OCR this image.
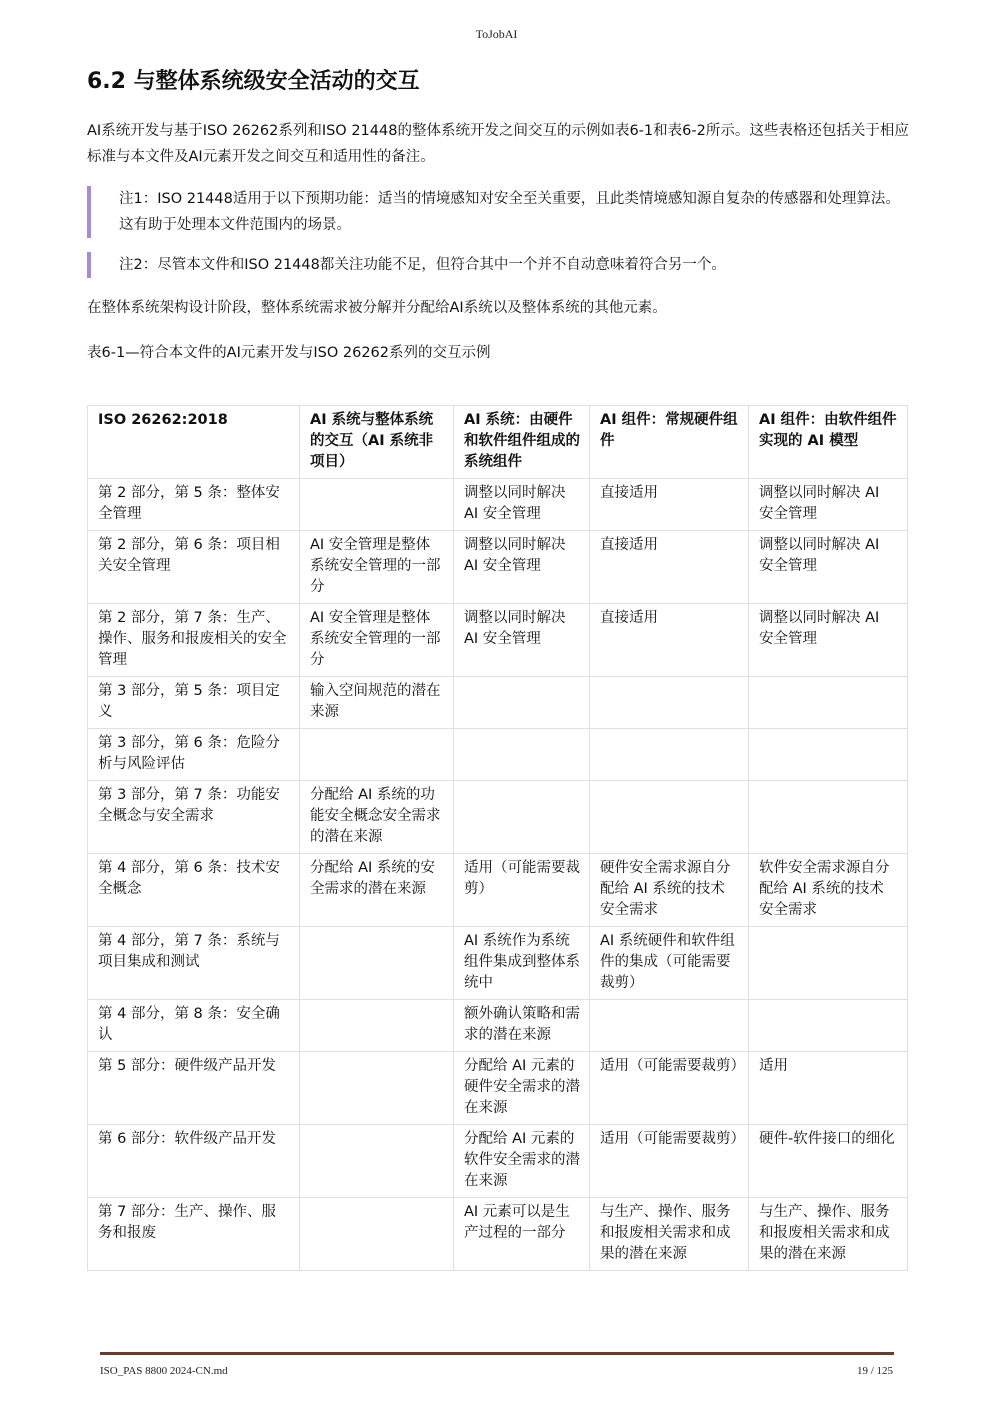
ToJobAI
6.2 与整体系统级安全活动的交互

AI系统开发与基于ISO 26262系列和ISO 21448的整体系统开发之间交互的示例如表6-1和表6-2所示。这些表格还包括关于相应标准与本文件及AI元素开发之间交互和适用性的备注。

注1：ISO 21448适用于以下预期功能：适当的情境感知对安全至关重要，且此类情境感知源自复杂的传感器和处理算法。这有助于处理本文件范围内的场景。
注2：尽管本文件和ISO 21448都关注功能不足，但符合其中一个并不自动意味着符合另一个。

在整体系统架构设计阶段，整体系统需求被分解并分配给AI系统以及整体系统的其他元素。

表6-1—符合本文件的AI元素开发与ISO 26262系列的交互示例

ISO 26262:2018	AI 系统与整体系统的交互（AI 系统非项目）	AI 系统：由硬件和软件组件组成的系统组件	AI 组件：常规硬件组件	AI 组件：由软件组件实现的 AI 模型
第 2 部分，第 5 条：整体安全管理		调整以同时解决 AI 安全管理	直接适用	调整以同时解决 AI 安全管理
第 2 部分，第 6 条：项目相关安全管理	AI 安全管理是整体系统安全管理的一部分	调整以同时解决 AI 安全管理	直接适用	调整以同时解决 AI 安全管理
第 2 部分，第 7 条：生产、操作、服务和报废相关的安全管理	AI 安全管理是整体系统安全管理的一部分	调整以同时解决 AI 安全管理	直接适用	调整以同时解决 AI 安全管理
第 3 部分，第 5 条：项目定义	输入空间规范的潜在来源			
第 3 部分，第 6 条：危险分析与风险评估				
第 3 部分，第 7 条：功能安全概念与安全需求	分配给 AI 系统的功能安全概念安全需求的潜在来源			
第 4 部分，第 6 条：技术安全概念	分配给 AI 系统的安全需求的潜在来源	适用（可能需要裁剪）	硬件安全需求源自分配给 AI 系统的技术安全需求	软件安全需求源自分配给 AI 系统的技术安全需求
第 4 部分，第 7 条：系统与项目集成和测试		AI 系统作为系统组件集成到整体系统中	AI 系统硬件和软件组件的集成（可能需要裁剪）	
第 4 部分，第 8 条：安全确认		额外确认策略和需求的潜在来源		
第 5 部分：硬件级产品开发		分配给 AI 元素的硬件安全需求的潜在来源	适用（可能需要裁剪）	适用
第 6 部分：软件级产品开发		分配给 AI 元素的软件安全需求的潜在来源	适用（可能需要裁剪）	硬件-软件接口的细化
第 7 部分：生产、操作、服务和报废		AI 元素可以是生产过程的一部分	与生产、操作、服务和报废相关需求和成果的潜在来源	与生产、操作、服务和报废相关需求和成果的潜在来源
ISO_PAS 8800 2024-CN.md	19 / 125
